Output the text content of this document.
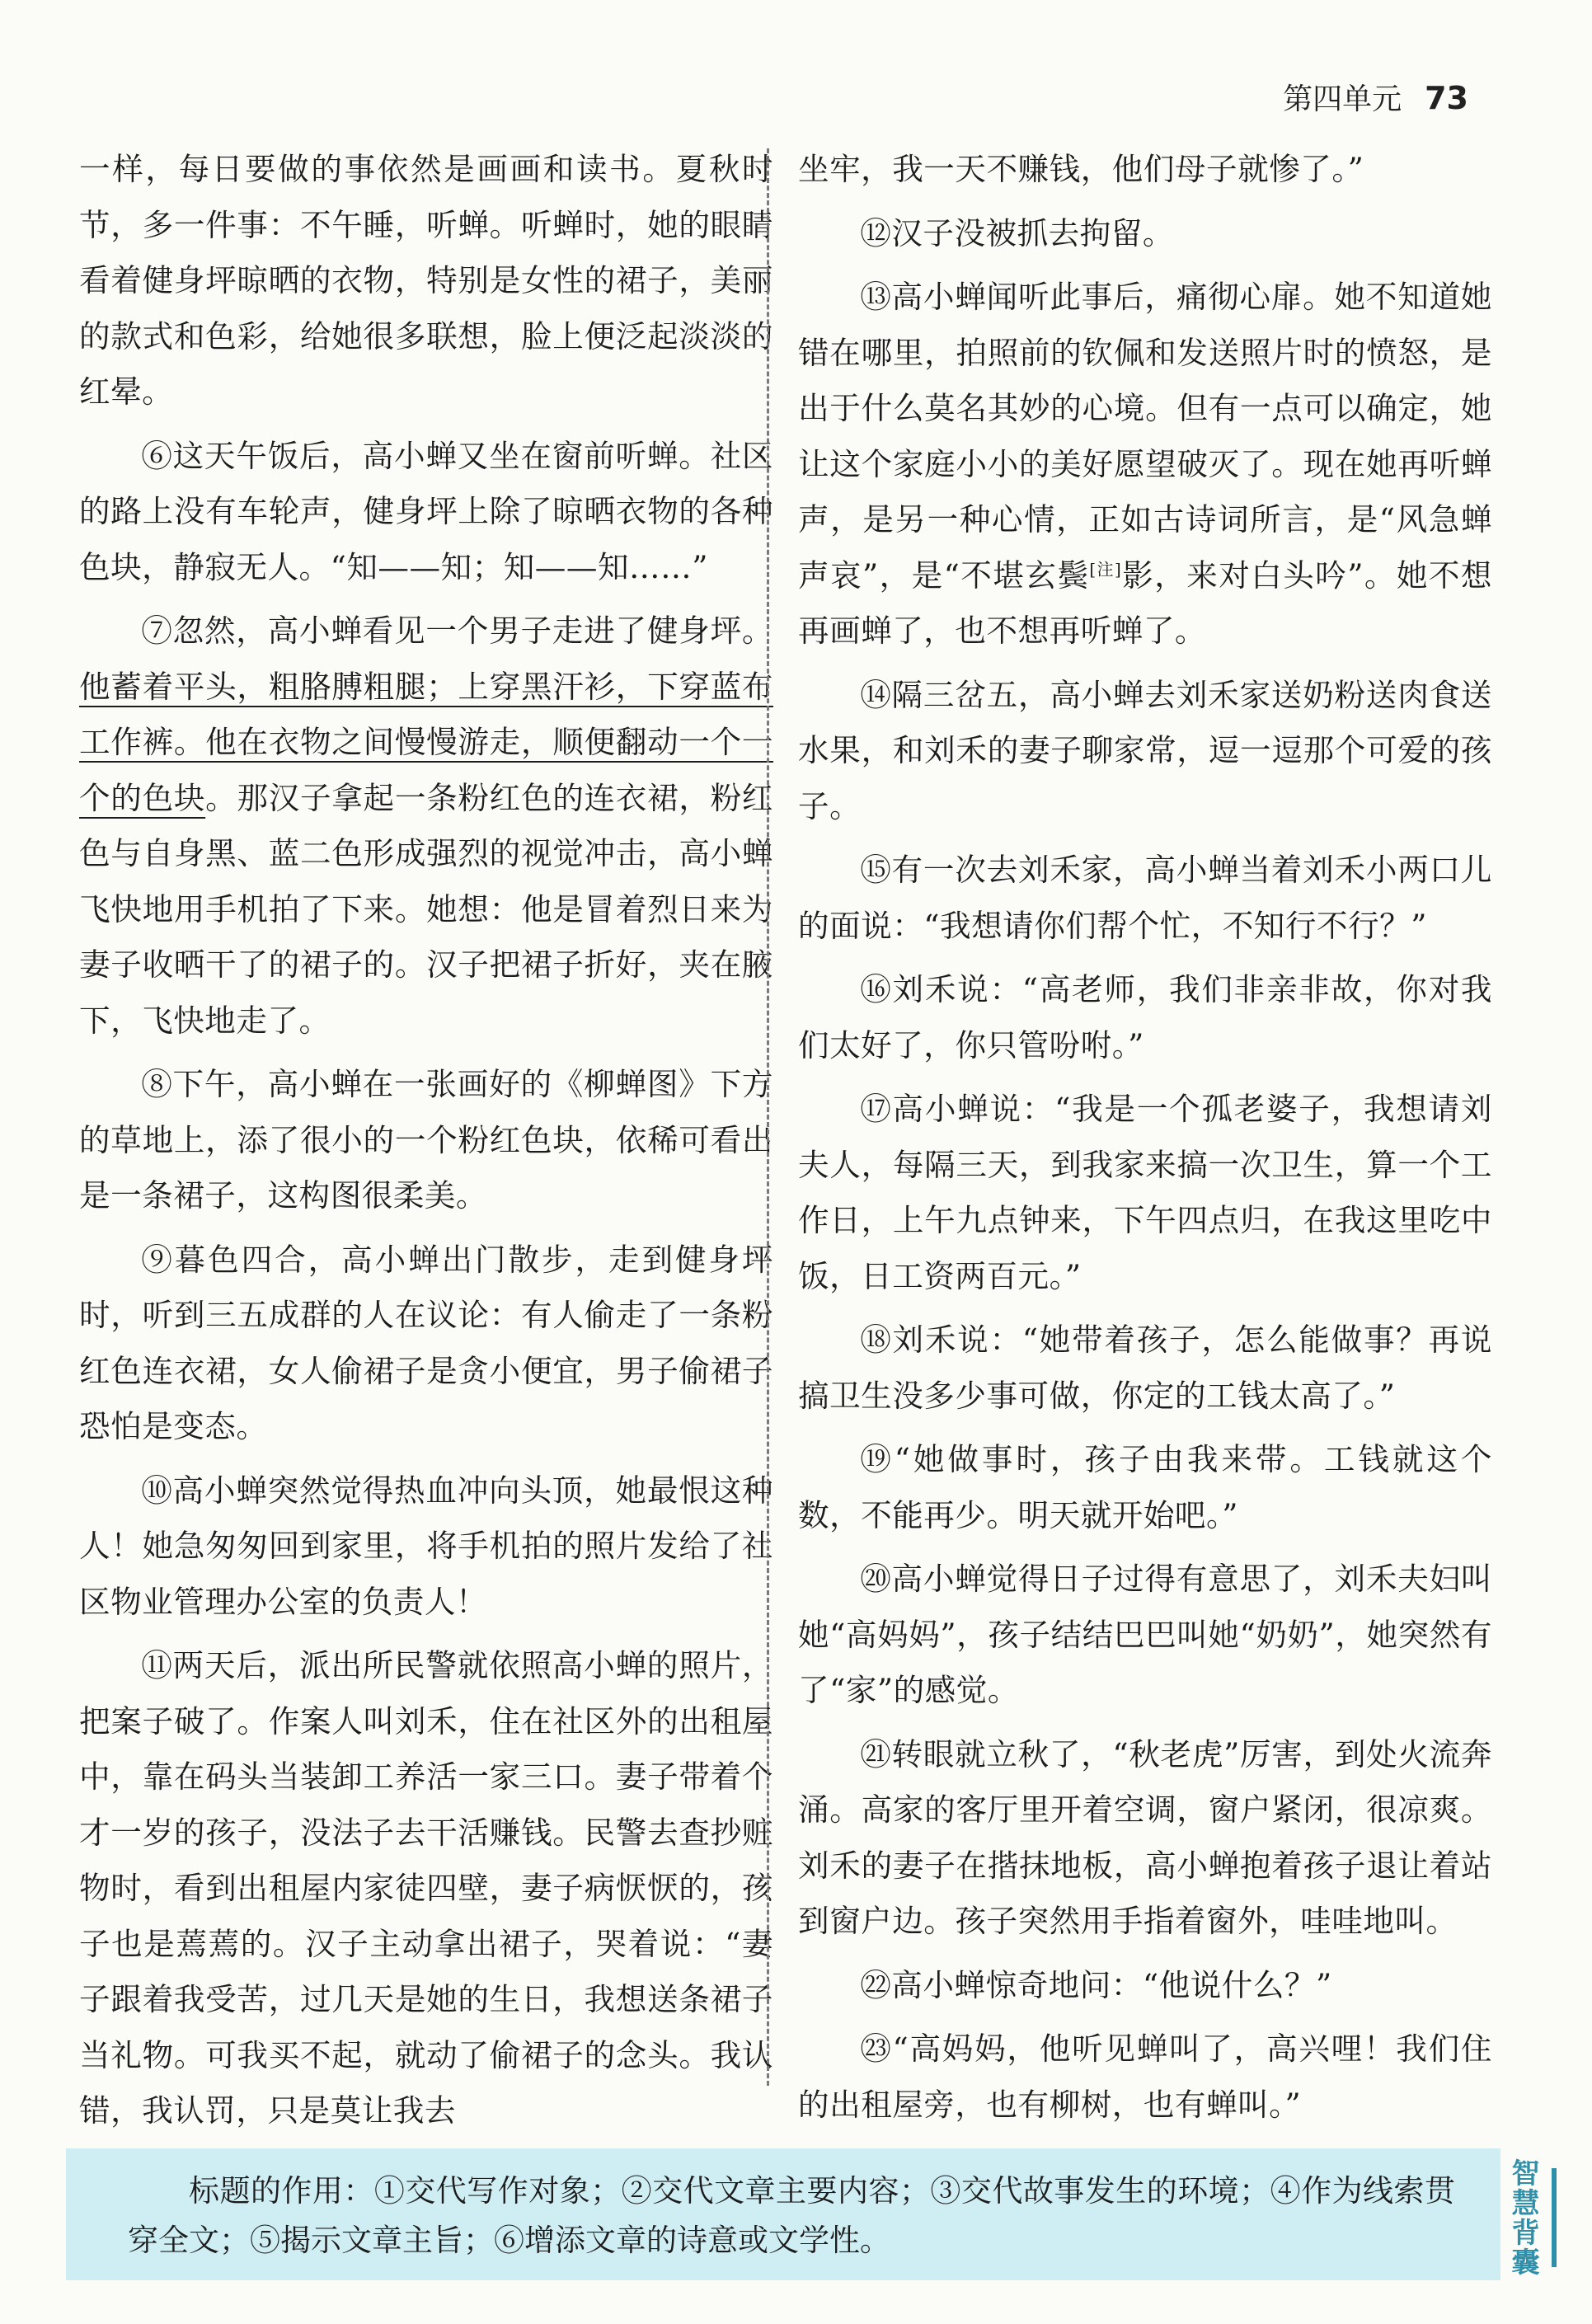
第四单元 73

一样，每日要做的事依然是画画和读书。夏秋时节，多一件事：不午睡，听蝉。听蝉时，她的眼睛看着健身坪晾晒的衣物，特别是女性的裙子，美丽的款式和色彩，给她很多联想，脸上便泛起淡淡的红晕。

⑥这天午饭后，高小蝉又坐在窗前听蝉。社区的路上没有车轮声，健身坪上除了晾晒衣物的各种色块，静寂无人。“知——知；知——知……”

⑦忽然，高小蝉看见一个男子走进了健身坪。他蓄着平头，粗胳膊粗腿；上穿黑汗衫，下穿蓝布工作裤。他在衣物之间慢慢游走，顺便翻动一个一个的色块。那汉子拿起一条粉红色的连衣裙，粉红色与自身黑、蓝二色形成强烈的视觉冲击，高小蝉飞快地用手机拍了下来。她想：他是冒着烈日来为妻子收晒干了的裙子的。汉子把裙子折好，夹在腋下，飞快地走了。

⑧下午，高小蝉在一张画好的《柳蝉图》下方的草地上，添了很小的一个粉红色块，依稀可看出是一条裙子，这构图很柔美。

⑨暮色四合，高小蝉出门散步，走到健身坪时，听到三五成群的人在议论：有人偷走了一条粉红色连衣裙，女人偷裙子是贪小便宜，男子偷裙子恐怕是变态。

⑩高小蝉突然觉得热血冲向头顶，她最恨这种人！她急匆匆回到家里，将手机拍的照片发给了社区物业管理办公室的负责人！

⑪两天后，派出所民警就依照高小蝉的照片，把案子破了。作案人叫刘禾，住在社区外的出租屋中，靠在码头当装卸工养活一家三口。妻子带着个才一岁的孩子，没法子去干活赚钱。民警去查抄赃物时，看到出租屋内家徒四壁，妻子病恹恹的，孩子也是蔫蔫的。汉子主动拿出裙子，哭着说：“妻子跟着我受苦，过几天是她的生日，我想送条裙子当礼物。可我买不起，就动了偷裙子的念头。我认错，我认罚，只是莫让我去

坐牢，我一天不赚钱，他们母子就惨了。”

⑫汉子没被抓去拘留。

⑬高小蝉闻听此事后，痛彻心扉。她不知道她错在哪里，拍照前的钦佩和发送照片时的愤怒，是出于什么莫名其妙的心境。但有一点可以确定，她让这个家庭小小的美好愿望破灭了。现在她再听蝉声，是另一种心情，正如古诗词所言，是“风急蝉声哀”，是“不堪玄鬓[注]影，来对白头吟”。她不想再画蝉了，也不想再听蝉了。

⑭隔三岔五，高小蝉去刘禾家送奶粉送肉食送水果，和刘禾的妻子聊家常，逗一逗那个可爱的孩子。

⑮有一次去刘禾家，高小蝉当着刘禾小两口儿的面说：“我想请你们帮个忙，不知行不行？”

⑯刘禾说：“高老师，我们非亲非故，你对我们太好了，你只管吩咐。”

⑰高小蝉说：“我是一个孤老婆子，我想请刘夫人，每隔三天，到我家来搞一次卫生，算一个工作日，上午九点钟来，下午四点归，在我这里吃中饭，日工资两百元。”

⑱刘禾说：“她带着孩子，怎么能做事？再说搞卫生没多少事可做，你定的工钱太高了。”

⑲“她做事时，孩子由我来带。工钱就这个数，不能再少。明天就开始吧。”

⑳高小蝉觉得日子过得有意思了，刘禾夫妇叫她“高妈妈”，孩子结结巴巴叫她“奶奶”，她突然有了“家”的感觉。

㉑转眼就立秋了，“秋老虎”厉害，到处火流奔涌。高家的客厅里开着空调，窗户紧闭，很凉爽。刘禾的妻子在揩抹地板，高小蝉抱着孩子退让着站到窗户边。孩子突然用手指着窗外，哇哇地叫。

㉒高小蝉惊奇地问：“他说什么？”

㉓“高妈妈，他听见蝉叫了，高兴哩！我们住的出租屋旁，也有柳树，也有蝉叫。”

标题的作用：①交代写作对象；②交代文章主要内容；③交代故事发生的环境；④作为线索贯穿全文；⑤揭示文章主旨；⑥增添文章的诗意或文学性。	智慧背囊
